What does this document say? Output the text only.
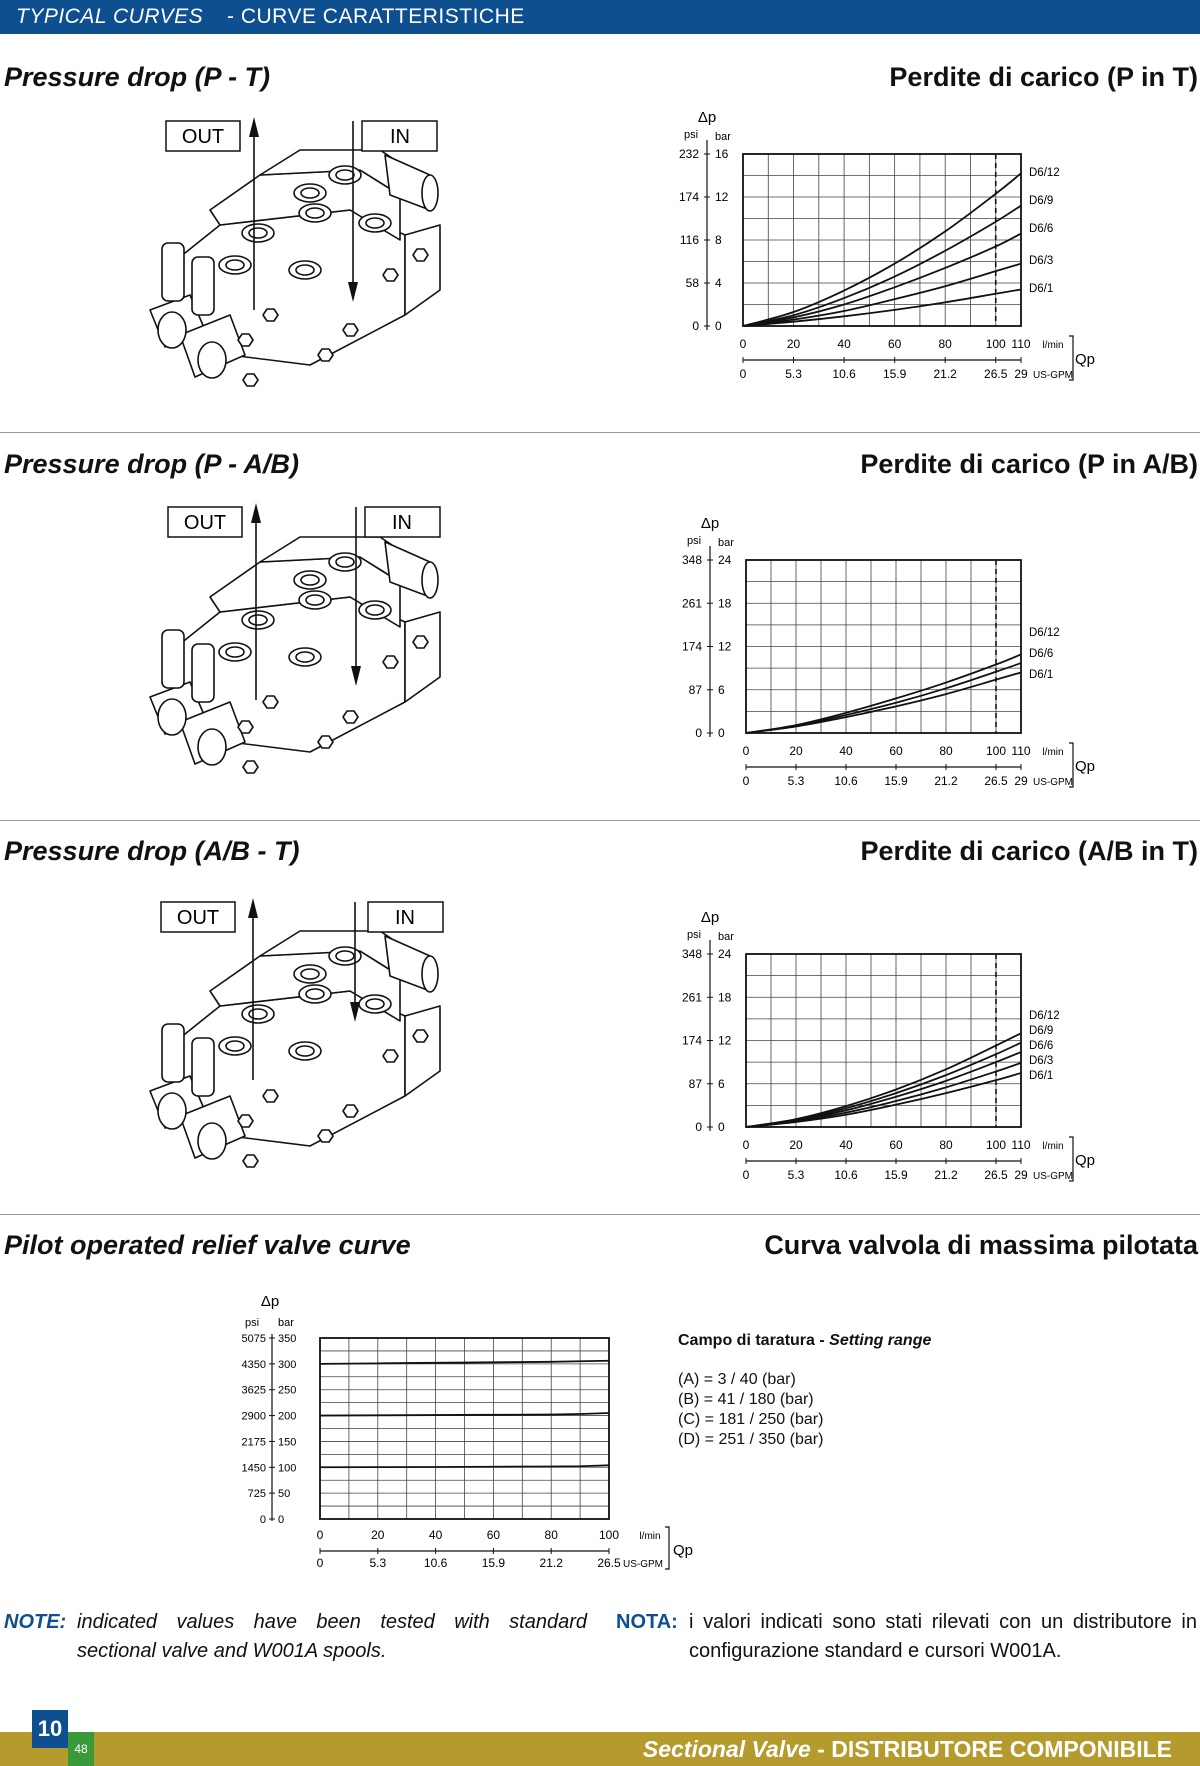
TYPICAL CURVES - CURVE CARATTERISTICHE
Pressure drop (P - T)	Perdite di carico (P in T)
Pressure drop (P - A/B)	Perdite di carico (P in A/B)
Pressure drop (A/B - T)	Perdite di carico (A/B in T)
Pilot operated relief valve curve	Curva valvola di massima pilotata
OUT	IN
OUT	IN
OUT	IN
Δp
psi bar
0
0
4
58
8
116
12
174
16
232
0
0
20
5.3
40
10.6
60
15.9
80
21.2
100
26.5
110
29
l/min
US-GPM
Qp
D6/12
D6/9
D6/6
D6/3
D6/1
Δp
psi bar
0
0
6
87
12
174
18
261
24
348
0
0
20
5.3
40
10.6
60
15.9
80
21.2
100
26.5
110
29
l/min
US-GPM
Qp
D6/12
D6/6
D6/1
Δp
psi bar
0
0
6
87
12
174
18
261
24
348
0
0
20
5.3
40
10.6
60
15.9
80
21.2
100
26.5
110
29
l/min
US-GPM
Qp
D6/12
D6/9
D6/6
D6/3
D6/1
Δp
psi bar
0
0
50
725
100
1450
150
2175
200
2900
250
3625
300
4350
350
5075
0
0
20
5.3
40
10.6
60
15.9
80
21.2
100
26.5
l/min
US-GPM
Qp
Campo di taratura - Setting range
(A) = 3 / 40 (bar)
(B) = 41 / 180 (bar)
(C) = 181 / 250 (bar)
(D) = 251 / 350 (bar)
NOTE: indicated values have been tested with standard sectional valve and W001A spools.
NOTA: i valori indicati sono stati rilevati con un distributore in configurazione standard e cursori W001A.
Sectional Valve - DISTRIBUTORE COMPONIBILE
10
48
